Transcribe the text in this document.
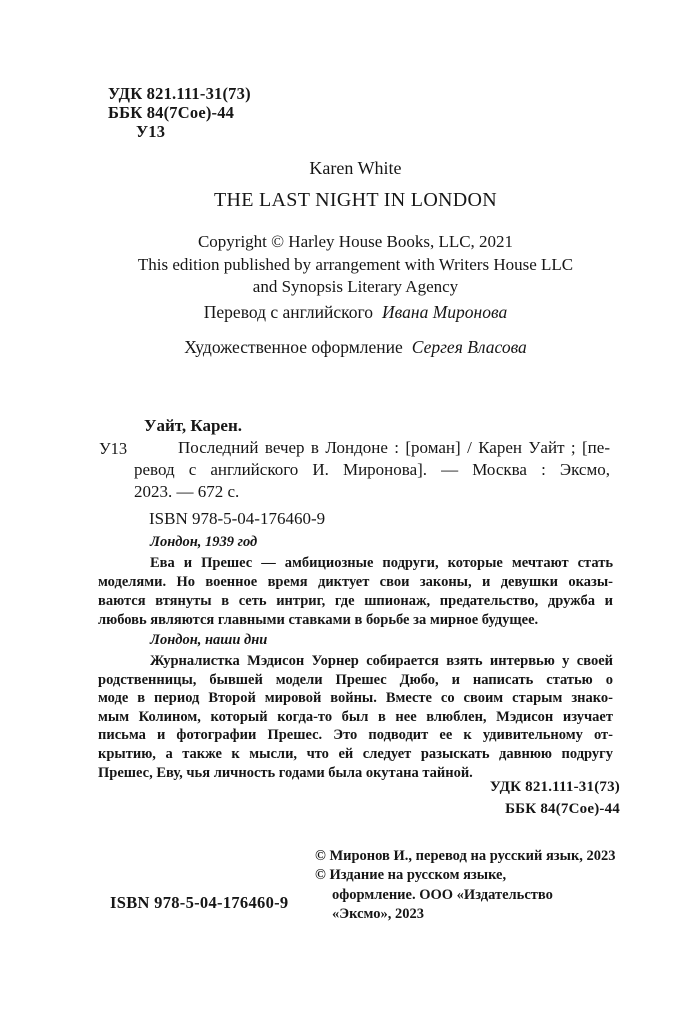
УДК 821.111-31(73)
ББК 84(7Сое)-44
У13
Karen White
THE LAST NIGHT IN LONDON
Copyright © Harley House Books, LLC, 2021
This edition published by arrangement with Writers House LLC
and Synopsis Literary Agency
Перевод с английского Ивана Миронова
Художественное оформление Сергея Власова
Уайт, Карен.
У13	Последний вечер в Лондоне : [роман] / Карен Уайт ; [пе-
ревод с английского И. Миронова]. — Москва : Эксмо,
2023. — 672 с.
ISBN 978-5-04-176460-9
Лондон, 1939 год
Ева и Прешес — амбициозные подруги, которые мечтают стать
моделями. Но военное время диктует свои законы, и девушки оказы-
ваются втянуты в сеть интриг, где шпионаж, предательство, дружба и
любовь являются главными ставками в борьбе за мирное будущее.
Лондон, наши дни
Журналистка Мэдисон Уорнер собирается взять интервью у своей
родственницы, бывшей модели Прешес Дюбо, и написать статью о
моде в период Второй мировой войны. Вместе со своим старым знако-
мым Колином, который когда-то был в нее влюблен, Мэдисон изучает
письма и фотографии Прешес. Это подводит ее к удивительному от-
крытию, а также к мысли, что ей следует разыскать давнюю подругу
Прешес, Еву, чья личность годами была окутана тайной.
УДК 821.111-31(73)
ББК 84(7Сое)-44
ISBN 978-5-04-176460-9
© Миронов И., перевод на русский язык, 2023
© Издание на русском языке,
оформление. ООО «Издательство
«Эксмо», 2023
